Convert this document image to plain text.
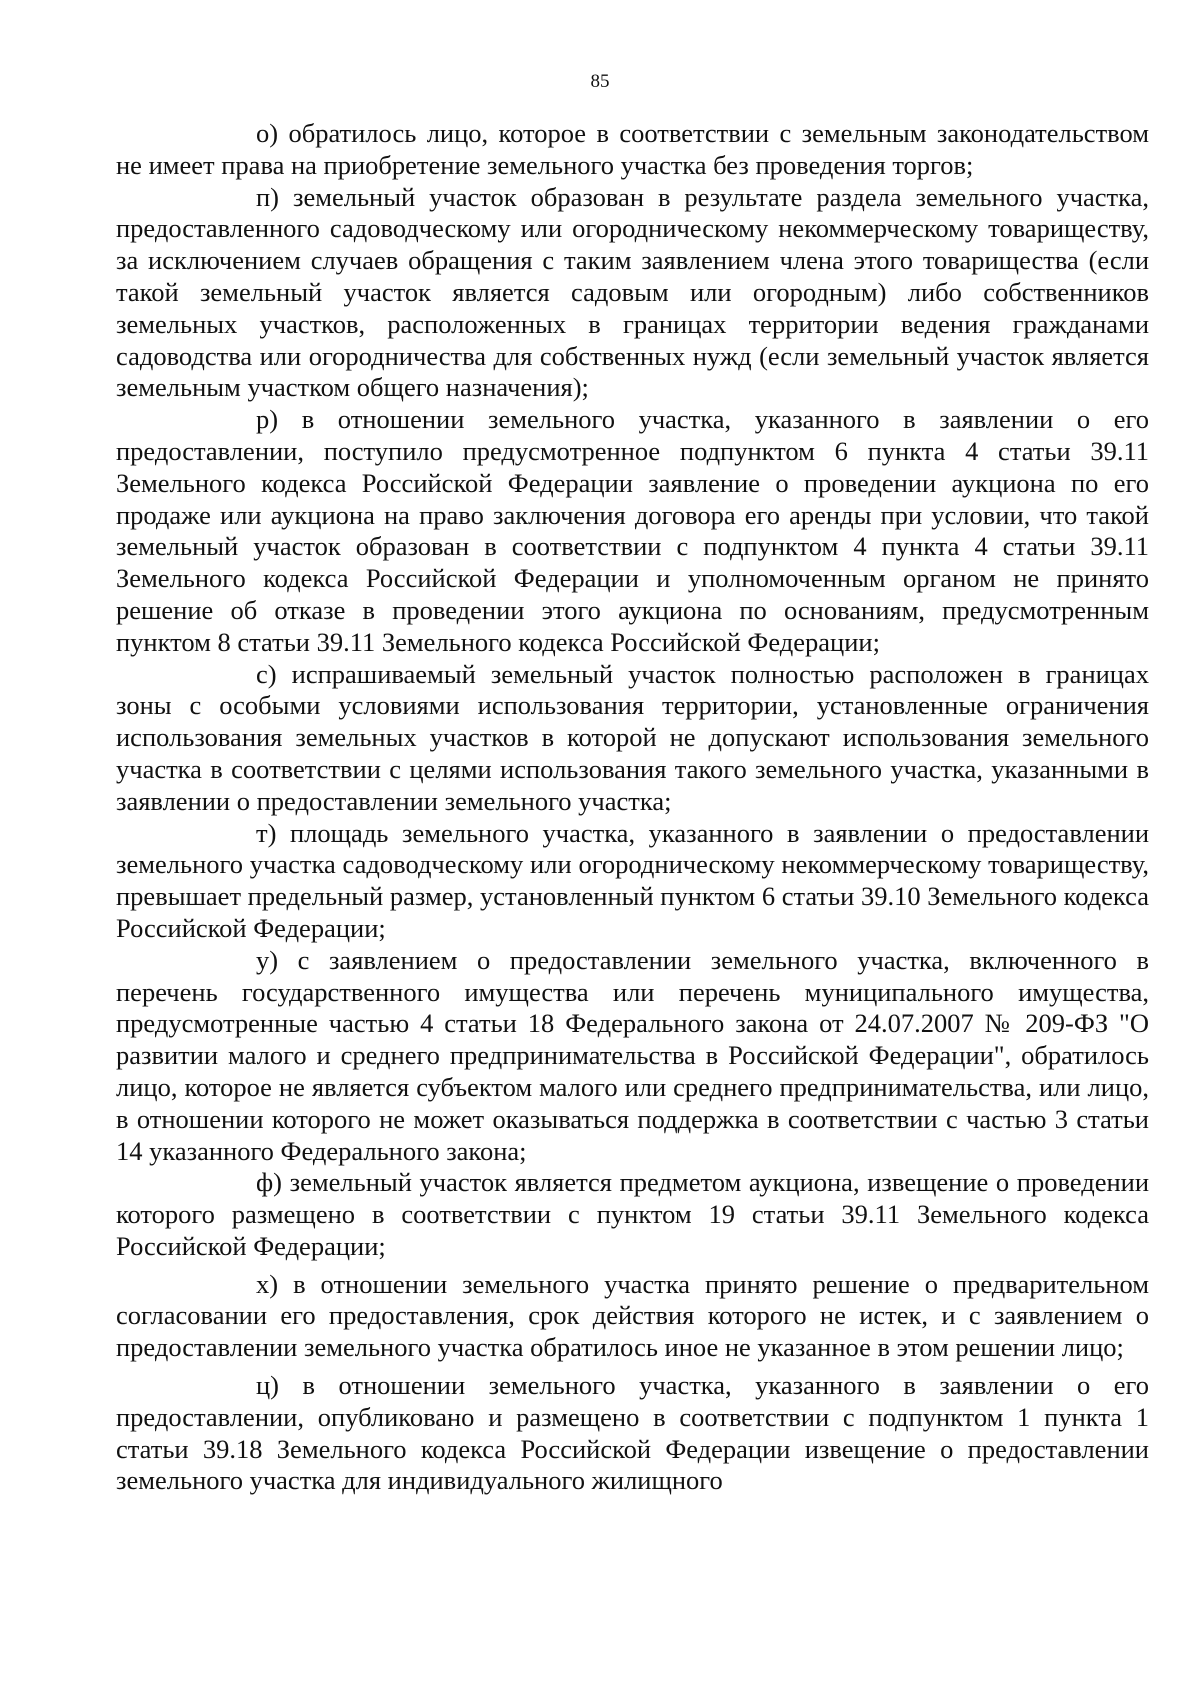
85

о) обратилось лицо, которое в соответствии с земельным законодательством не имеет права на приобретение земельного участка без проведения торгов;

п) земельный участок образован в результате раздела земельного участка, предоставленного садоводческому или огородническому некоммерческому товариществу, за исключением случаев обращения с таким заявлением члена этого товарищества (если такой земельный участок является садовым или огородным) либо собственников земельных участков, расположенных в границах территории ведения гражданами садоводства или огородничества для собственных нужд (если земельный участок является земельным участком общего назначения);

р) в отношении земельного участка, указанного в заявлении о его предоставлении, поступило предусмотренное подпунктом 6 пункта 4 статьи 39.11 Земельного кодекса Российской Федерации заявление о проведении аукциона по его продаже или аукциона на право заключения договора его аренды при условии, что такой земельный участок образован в соответствии с подпунктом 4 пункта 4 статьи 39.11 Земельного кодекса Российской Федерации и уполномоченным органом не принято решение об отказе в проведении этого аукциона по основаниям, предусмотренным пунктом 8 статьи 39.11 Земельного кодекса Российской Федерации;

с) испрашиваемый земельный участок полностью расположен в границах зоны с особыми условиями использования территории, установленные ограничения использования земельных участков в которой не допускают использования земельного участка в соответствии с целями использования такого земельного участка, указанными в заявлении о предоставлении земельного участка;

т) площадь земельного участка, указанного в заявлении о предоставлении земельного участка садоводческому или огородническому некоммерческому товариществу, превышает предельный размер, установленный пунктом 6 статьи 39.10 Земельного кодекса Российской Федерации;

у) с заявлением о предоставлении земельного участка, включенного в перечень государственного имущества или перечень муниципального имущества, предусмотренные частью 4 статьи 18 Федерального закона от 24.07.2007 № 209-ФЗ "О развитии малого и среднего предпринимательства в Российской Федерации", обратилось лицо, которое не является субъектом малого или среднего предпринимательства, или лицо, в отношении которого не может оказываться поддержка в соответствии с частью 3 статьи 14 указанного Федерального закона;

ф) земельный участок является предметом аукциона, извещение о проведении которого размещено в соответствии с пунктом 19 статьи 39.11 Земельного кодекса Российской Федерации;

х) в отношении земельного участка принято решение о предварительном согласовании его предоставления, срок действия которого не истек, и с заявлением о предоставлении земельного участка обратилось иное не указанное в этом решении лицо;

ц) в отношении земельного участка, указанного в заявлении о его предоставлении, опубликовано и размещено в соответствии с подпунктом 1 пункта 1 статьи 39.18 Земельного кодекса Российской Федерации извещение о предоставлении земельного участка для индивидуального жилищного
